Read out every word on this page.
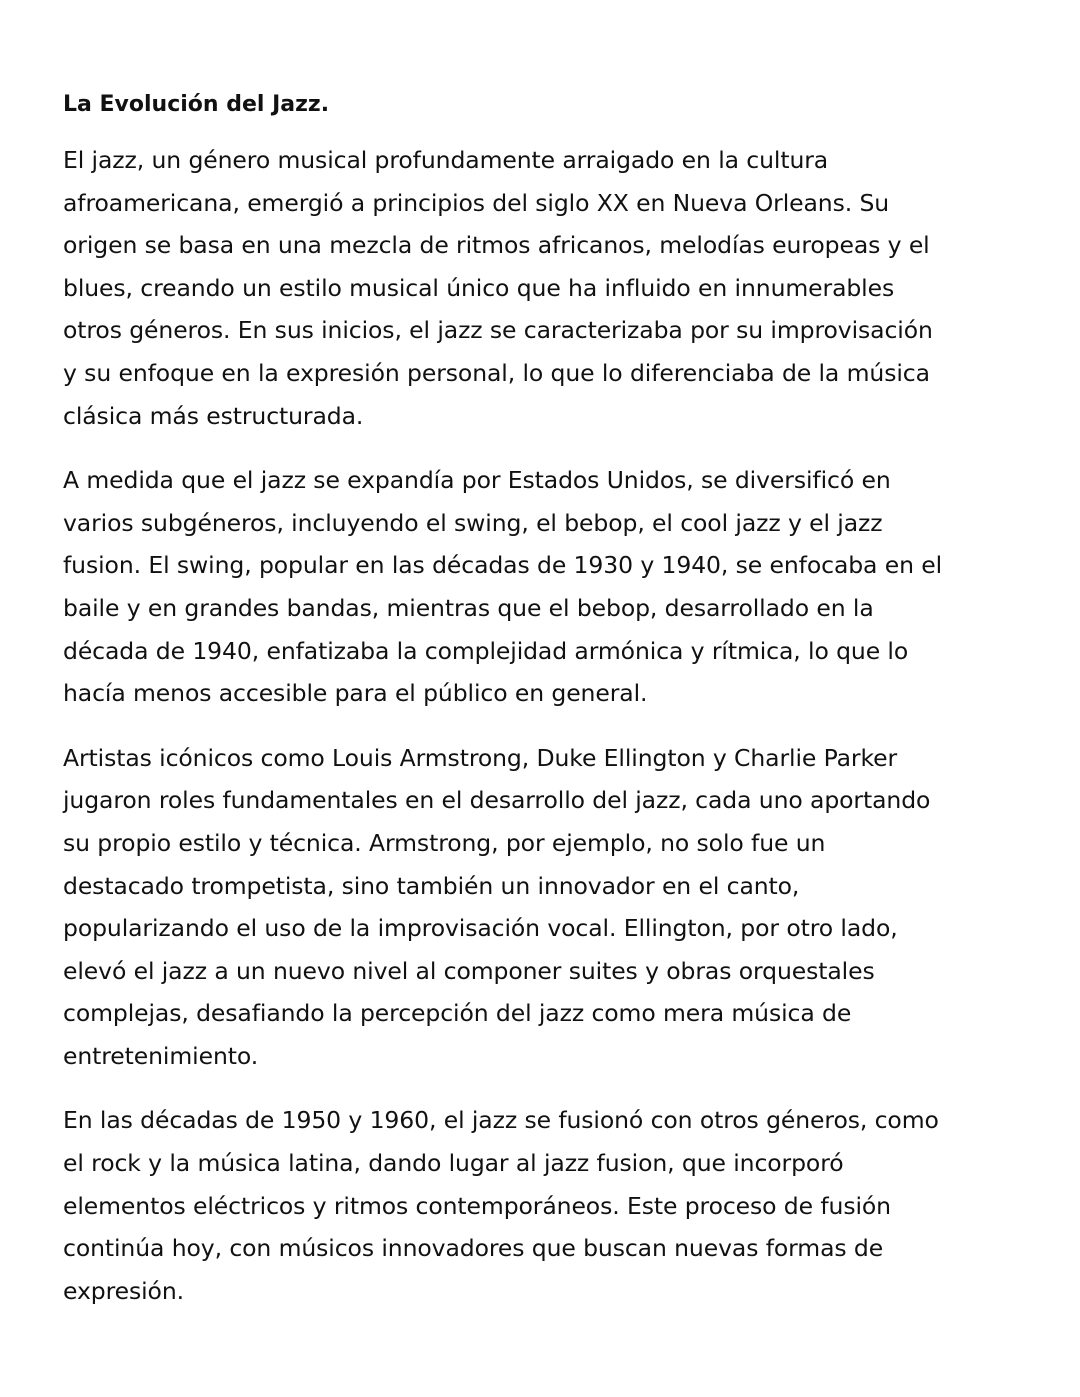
La Evolución del Jazz.

El jazz, un género musical profundamente arraigado en la cultura afroamericana, emergió a principios del siglo XX en Nueva Orleans. Su origen se basa en una mezcla de ritmos africanos, melodías europeas y el blues, creando un estilo musical único que ha influido en innumerables otros géneros. En sus inicios, el jazz se caracterizaba por su improvisación y su enfoque en la expresión personal, lo que lo diferenciaba de la música clásica más estructurada.

A medida que el jazz se expandía por Estados Unidos, se diversificó en varios subgéneros, incluyendo el swing, el bebop, el cool jazz y el jazz fusion. El swing, popular en las décadas de 1930 y 1940, se enfocaba en el baile y en grandes bandas, mientras que el bebop, desarrollado en la década de 1940, enfatizaba la complejidad armónica y rítmica, lo que lo hacía menos accesible para el público en general.

Artistas icónicos como Louis Armstrong, Duke Ellington y Charlie Parker jugaron roles fundamentales en el desarrollo del jazz, cada uno aportando su propio estilo y técnica. Armstrong, por ejemplo, no solo fue un destacado trompetista, sino también un innovador en el canto, popularizando el uso de la improvisación vocal. Ellington, por otro lado, elevó el jazz a un nuevo nivel al componer suites y obras orquestales complejas, desafiando la percepción del jazz como mera música de entretenimiento.

En las décadas de 1950 y 1960, el jazz se fusionó con otros géneros, como el rock y la música latina, dando lugar al jazz fusion, que incorporó elementos eléctricos y ritmos contemporáneos. Este proceso de fusión continúa hoy, con músicos innovadores que buscan nuevas formas de expresión.
